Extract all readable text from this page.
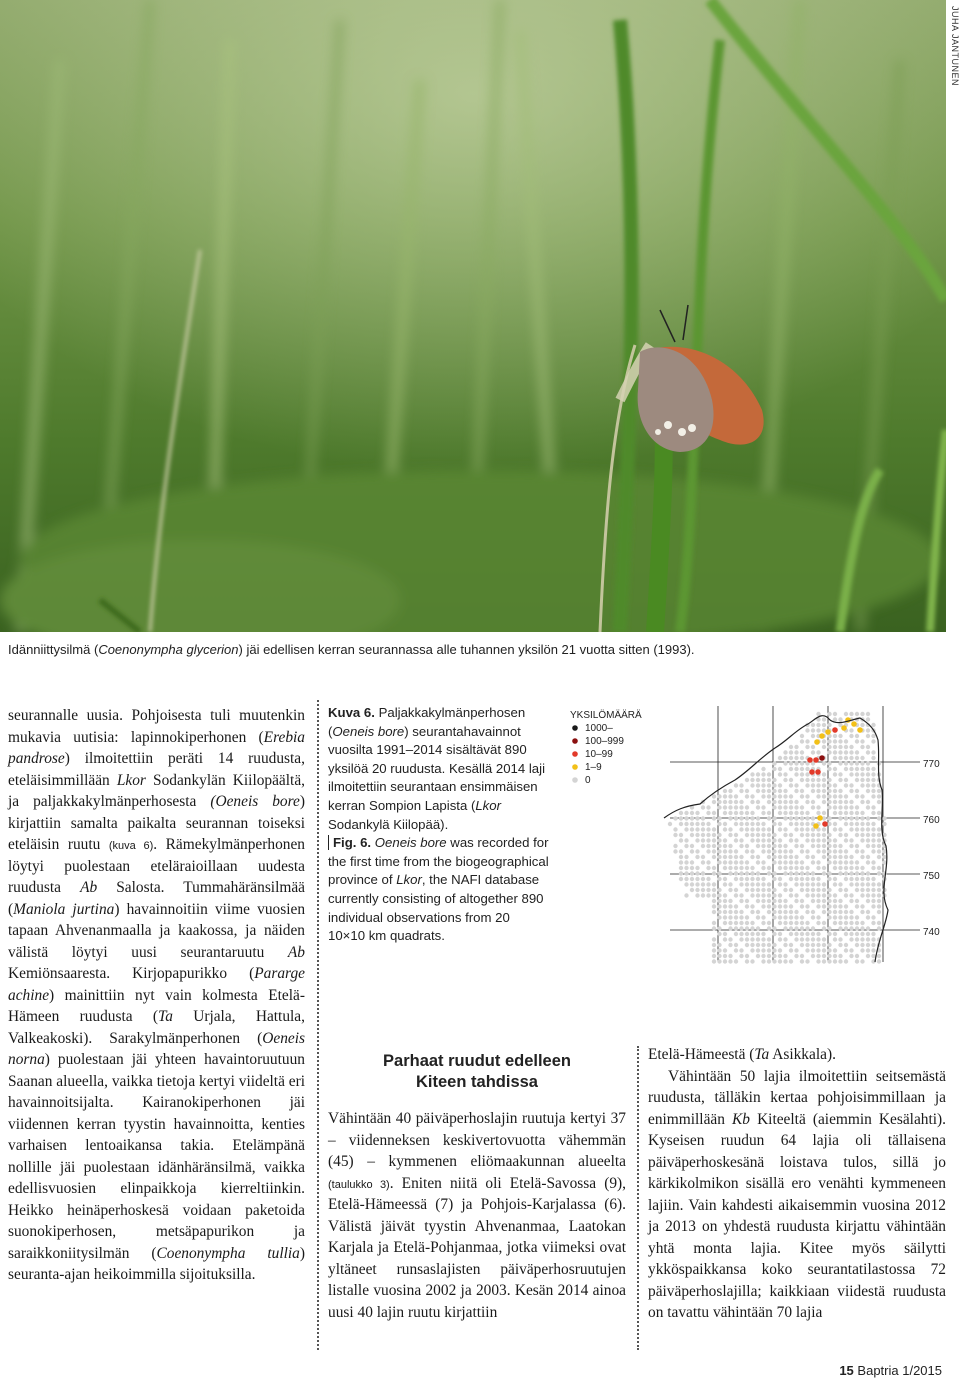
JUHA JANTUNEN
Idänniittysilmä (Coenonympha glycerion) jäi edellisen kerran seurannassa alle tuhannen yksilön 21 vuotta sitten (1993).

seurannalle uusia. Pohjoisesta tuli muutenkin mukavia uutisia: lapinnokiperhonen (Erebia pandrose) ilmoitettiin peräti 14 ruudusta, eteläisimmillään Lkor Sodankylän Kiilopäältä, ja paljakkakylmänperhosesta (Oeneis bore) kirjattiin samalta paikalta seurannan toiseksi eteläisin ruutu (kuva 6). Rämekylmänperhonen löytyi puolestaan eteläraioillaan uudesta ruudusta Ab Salosta. Tummahäränsilmää (Maniola jurtina) havainnoitiin viime vuosien tapaan Ahvenanmaalla ja kaakossa, ja näiden välistä löytyi uusi seurantaruutu Ab Kemiönsaaresta. Kirjopapurikko (Pararge achine) mainittiin nyt vain kolmesta Etelä-Hämeen ruudusta (Ta Urjala, Hattula, Valkeakoski). Sarakylmänperhonen (Oeneis norna) puolestaan jäi yhteen havaintoruutuun Saanan alueella, vaikka tietoja kertyi viideltä eri havainnoitsijalta. Kairanokiperhonen jäi viidennen kerran tyystin havainnoitta, kenties varhaisen lentoaikansa takia. Etelämpänä nollille jäi puolestaan idänhäränsilmä, vaikka edellisvuosien elinpaikkoja kierreltiinkin. Heikko heinäperhoskesä voidaan paketoida suonokiperhosen, metsäpapurikon ja saraikkoniitysilmän (Coenonympha tullia) seuranta-ajan heikoimmilla sijoituksilla.

Kuva 6. Paljakkakylmänperhosen (Oeneis bore) seurantahavainnot vuosilta 1991–2014 sisältävät 890 yksilöä 20 ruudusta. Kesällä 2014 laji ilmoitettiin seurantaan ensimmäisen kerran Sompion Lapista (Lkor Sodankylä Kiilopää).
Fig. 6. Oeneis bore was recorded for the first time from the biogeographical province of Lkor, the NAFI database currently consisting of altogether 890 individual observations from 20 10×10 km quadrats.
YKSILÖMÄÄRÄ
1000–
100–999
10–99
1–9
0
770
760
750
740
Parhaat ruudut edelleen
Kiteen tahdissa

Vähintään 40 päiväperhoslajin ruutuja kertyi 37 – viidenneksen keskivertovuotta vähemmän (45) – kymmenen eliömaakunnan alueelta (taulukko 3). Eniten niitä oli Etelä-Savossa (9), Etelä-Hämeessä (7) ja Pohjois-Karjalassa (6). Välistä jäivät tyystin Ahvenanmaa, Laatokan Karjala ja Etelä-Pohjanmaa, jotka viimeksi ovat yltäneet runsaslajisten päiväperhosruutujen listalle vuosina 2002 ja 2003. Kesän 2014 ainoa uusi 40 lajin ruutu kirjattiin

Etelä-Hämeestä (Ta Asikkala).

Vähintään 50 lajia ilmoitettiin seitsemästä ruudusta, tälläkin kertaa pohjoisimmillaan ja enimmillään Kb Kiteeltä (aiemmin Kesälahti). Kyseisen ruudun 64 lajia oli tällaisena päiväperhoskesänä loistava tulos, sillä jo kärkikolmikon sisällä ero venähti kymmeneen lajiin. Vain kahdesti aikaisemmin vuosina 2012 ja 2013 on yhdestä ruudusta kirjattu vähintään yhtä monta lajia. Kitee myös säilytti ykköspaikkansa koko seurantatilastossa 72 päiväperhoslajilla; kaikkiaan viidestä ruudusta on tavattu vähintään 70 lajia

15 Baptria 1/2015
